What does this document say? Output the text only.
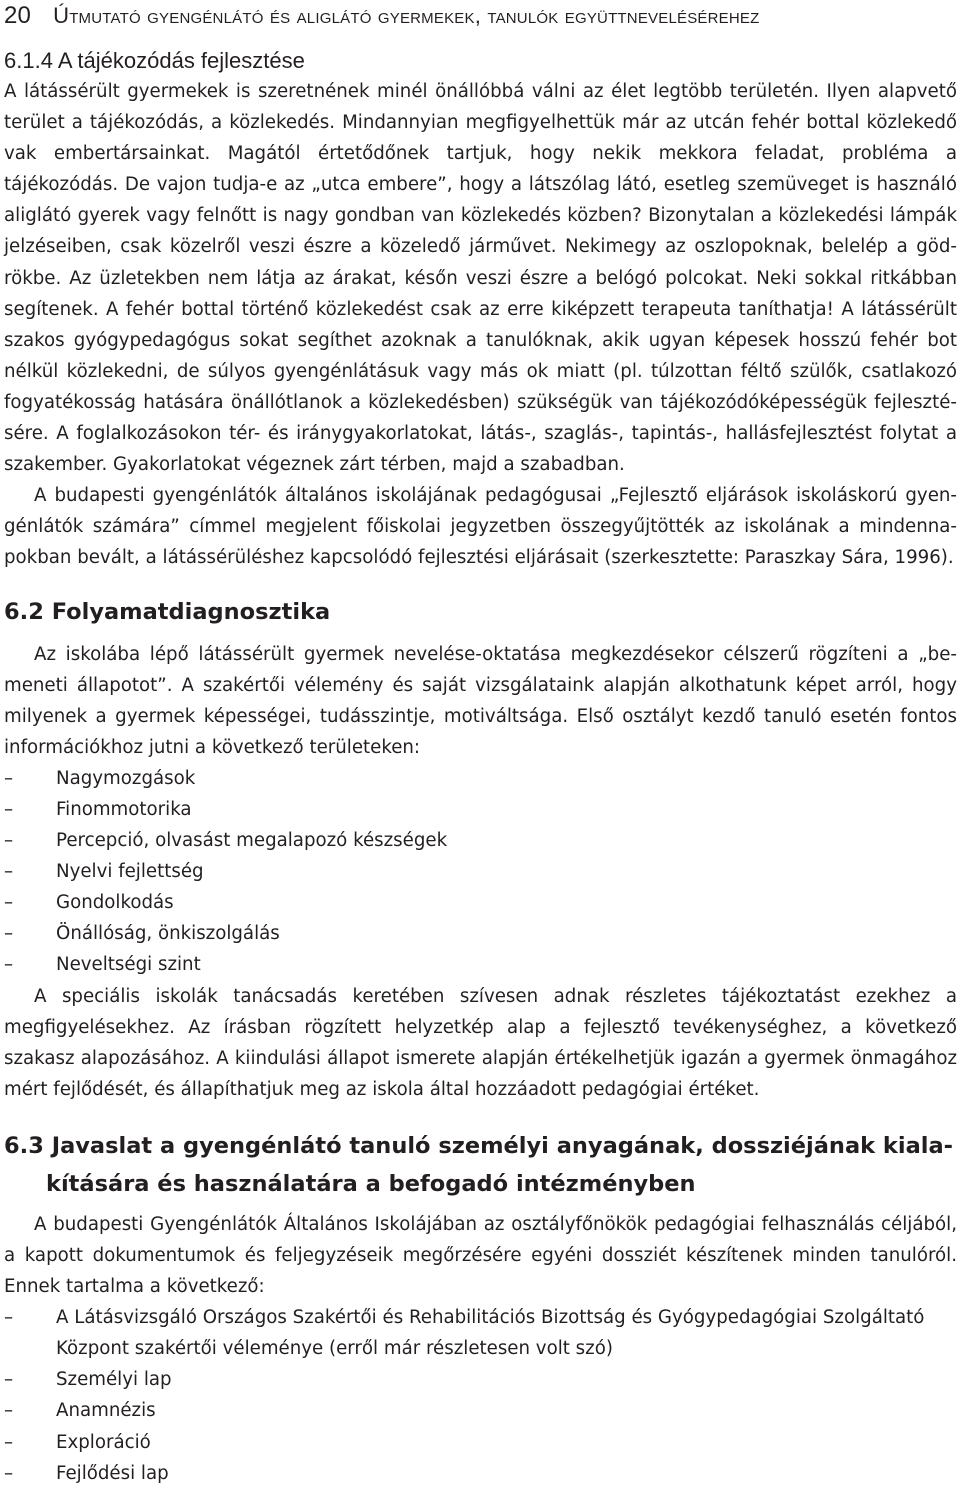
20 Útmutató gyengénlátó és aliglátó gyermekek, tanulók együttnevelésérehez
6.1.4 A tájékozódás fejlesztése

A látássérült gyermekek is szeretnének minél önállóbbá válni az élet legtöbb területén. Ilyen alapvető terület a tájékozódás, a közlekedés. Mindannyian megfigyelhettük már az utcán fehér bottal közlekedő vak embertársainkat. Magától értetődőnek tartjuk, hogy nekik mekkora feladat, probléma a tájékozódás. De vajon tudja-e az „utca embere”, hogy a látszólag látó, esetleg szemüveget is használó aliglátó gyerek vagy felnőtt is nagy gondban van közlekedés közben? Bizonytalan a közlekedési lámpák jelzéseiben, csak közelről veszi észre a közeledő járművet. Nekimegy az oszlopoknak, belelép a gödrökbe. Az üzletekben nem látja az árakat, későn veszi észre a belógó polcokat. Neki sokkal ritkábban segítenek. A fehér bottal történő közlekedést csak az erre kiképzett terapeuta taníthatja! A látássérült szakos gyógypedagógus sokat segíthet azoknak a tanulóknak, akik ugyan képesek hosszú fehér bot nélkül közlekedni, de súlyos gyengénlátásuk vagy más ok miatt (pl. túlzottan féltő szülők, csatlakozó fogyatékosság hatására önállótlanok a közlekedésben) szükségük van tájékozódóképességük fejlesztésére. A foglalkozásokon tér- és iránygyakorlatokat, látás-, szaglás-, tapintás-, hallásfejlesztést folytat a szakember. Gyakorlatokat végeznek zárt térben, majd a szabadban.

A budapesti gyengénlátók általános iskolájának pedagógusai „Fejlesztő eljárások iskoláskorú gyengénlátók számára” címmel megjelent főiskolai jegyzetben összegyűjtötték az iskolának a mindennapokban bevált, a látássérüléshez kapcsolódó fejlesztési eljárásait (szerkesztette: Paraszkay Sára, 1996).

6.2 Folyamatdiagnosztika

Az iskolába lépő látássérült gyermek nevelése-oktatása megkezdésekor célszerű rögzíteni a „bemeneti állapotot”. A szakértői vélemény és saját vizsgálataink alapján alkothatunk képet arról, hogy milyenek a gyermek képességei, tudásszintje, motiváltsága. Első osztályt kezdő tanuló esetén fontos információkhoz jutni a következő területeken:

– Nagymozgások
– Finommotorika
– Percepció, olvasást megalapozó készségek
– Nyelvi fejlettség
– Gondolkodás
– Önállóság, önkiszolgálás
– Neveltségi szint

A speciális iskolák tanácsadás keretében szívesen adnak részletes tájékoztatást ezekhez a megfigyelésekhez. Az írásban rögzített helyzetkép alap a fejlesztő tevékenységhez, a következő szakasz alapozásához. A kiindulási állapot ismerete alapján értékelhetjük igazán a gyermek önmagához mért fejlődését, és állapíthatjuk meg az iskola által hozzáadott pedagógiai értéket.

6.3 Javaslat a gyengénlátó tanuló személyi anyagának, dossziéjának kialakítására és használatára a befogadó intézményben

A budapesti Gyengénlátók Általános Iskolájában az osztályfőnökök pedagógiai felhasználás céljából, a kapott dokumentumok és feljegyzéseik megőrzésére egyéni dossziét készítenek minden tanulóról. Ennek tartalma a következő:

– A Látásvizsgáló Országos Szakértői és Rehabilitációs Bizottság és Gyógypedagógiai Szolgáltató Központ szakértői véleménye (erről már részletesen volt szó)
– Személyi lap
– Anamnézis
– Exploráció
– Fejlődési lap
